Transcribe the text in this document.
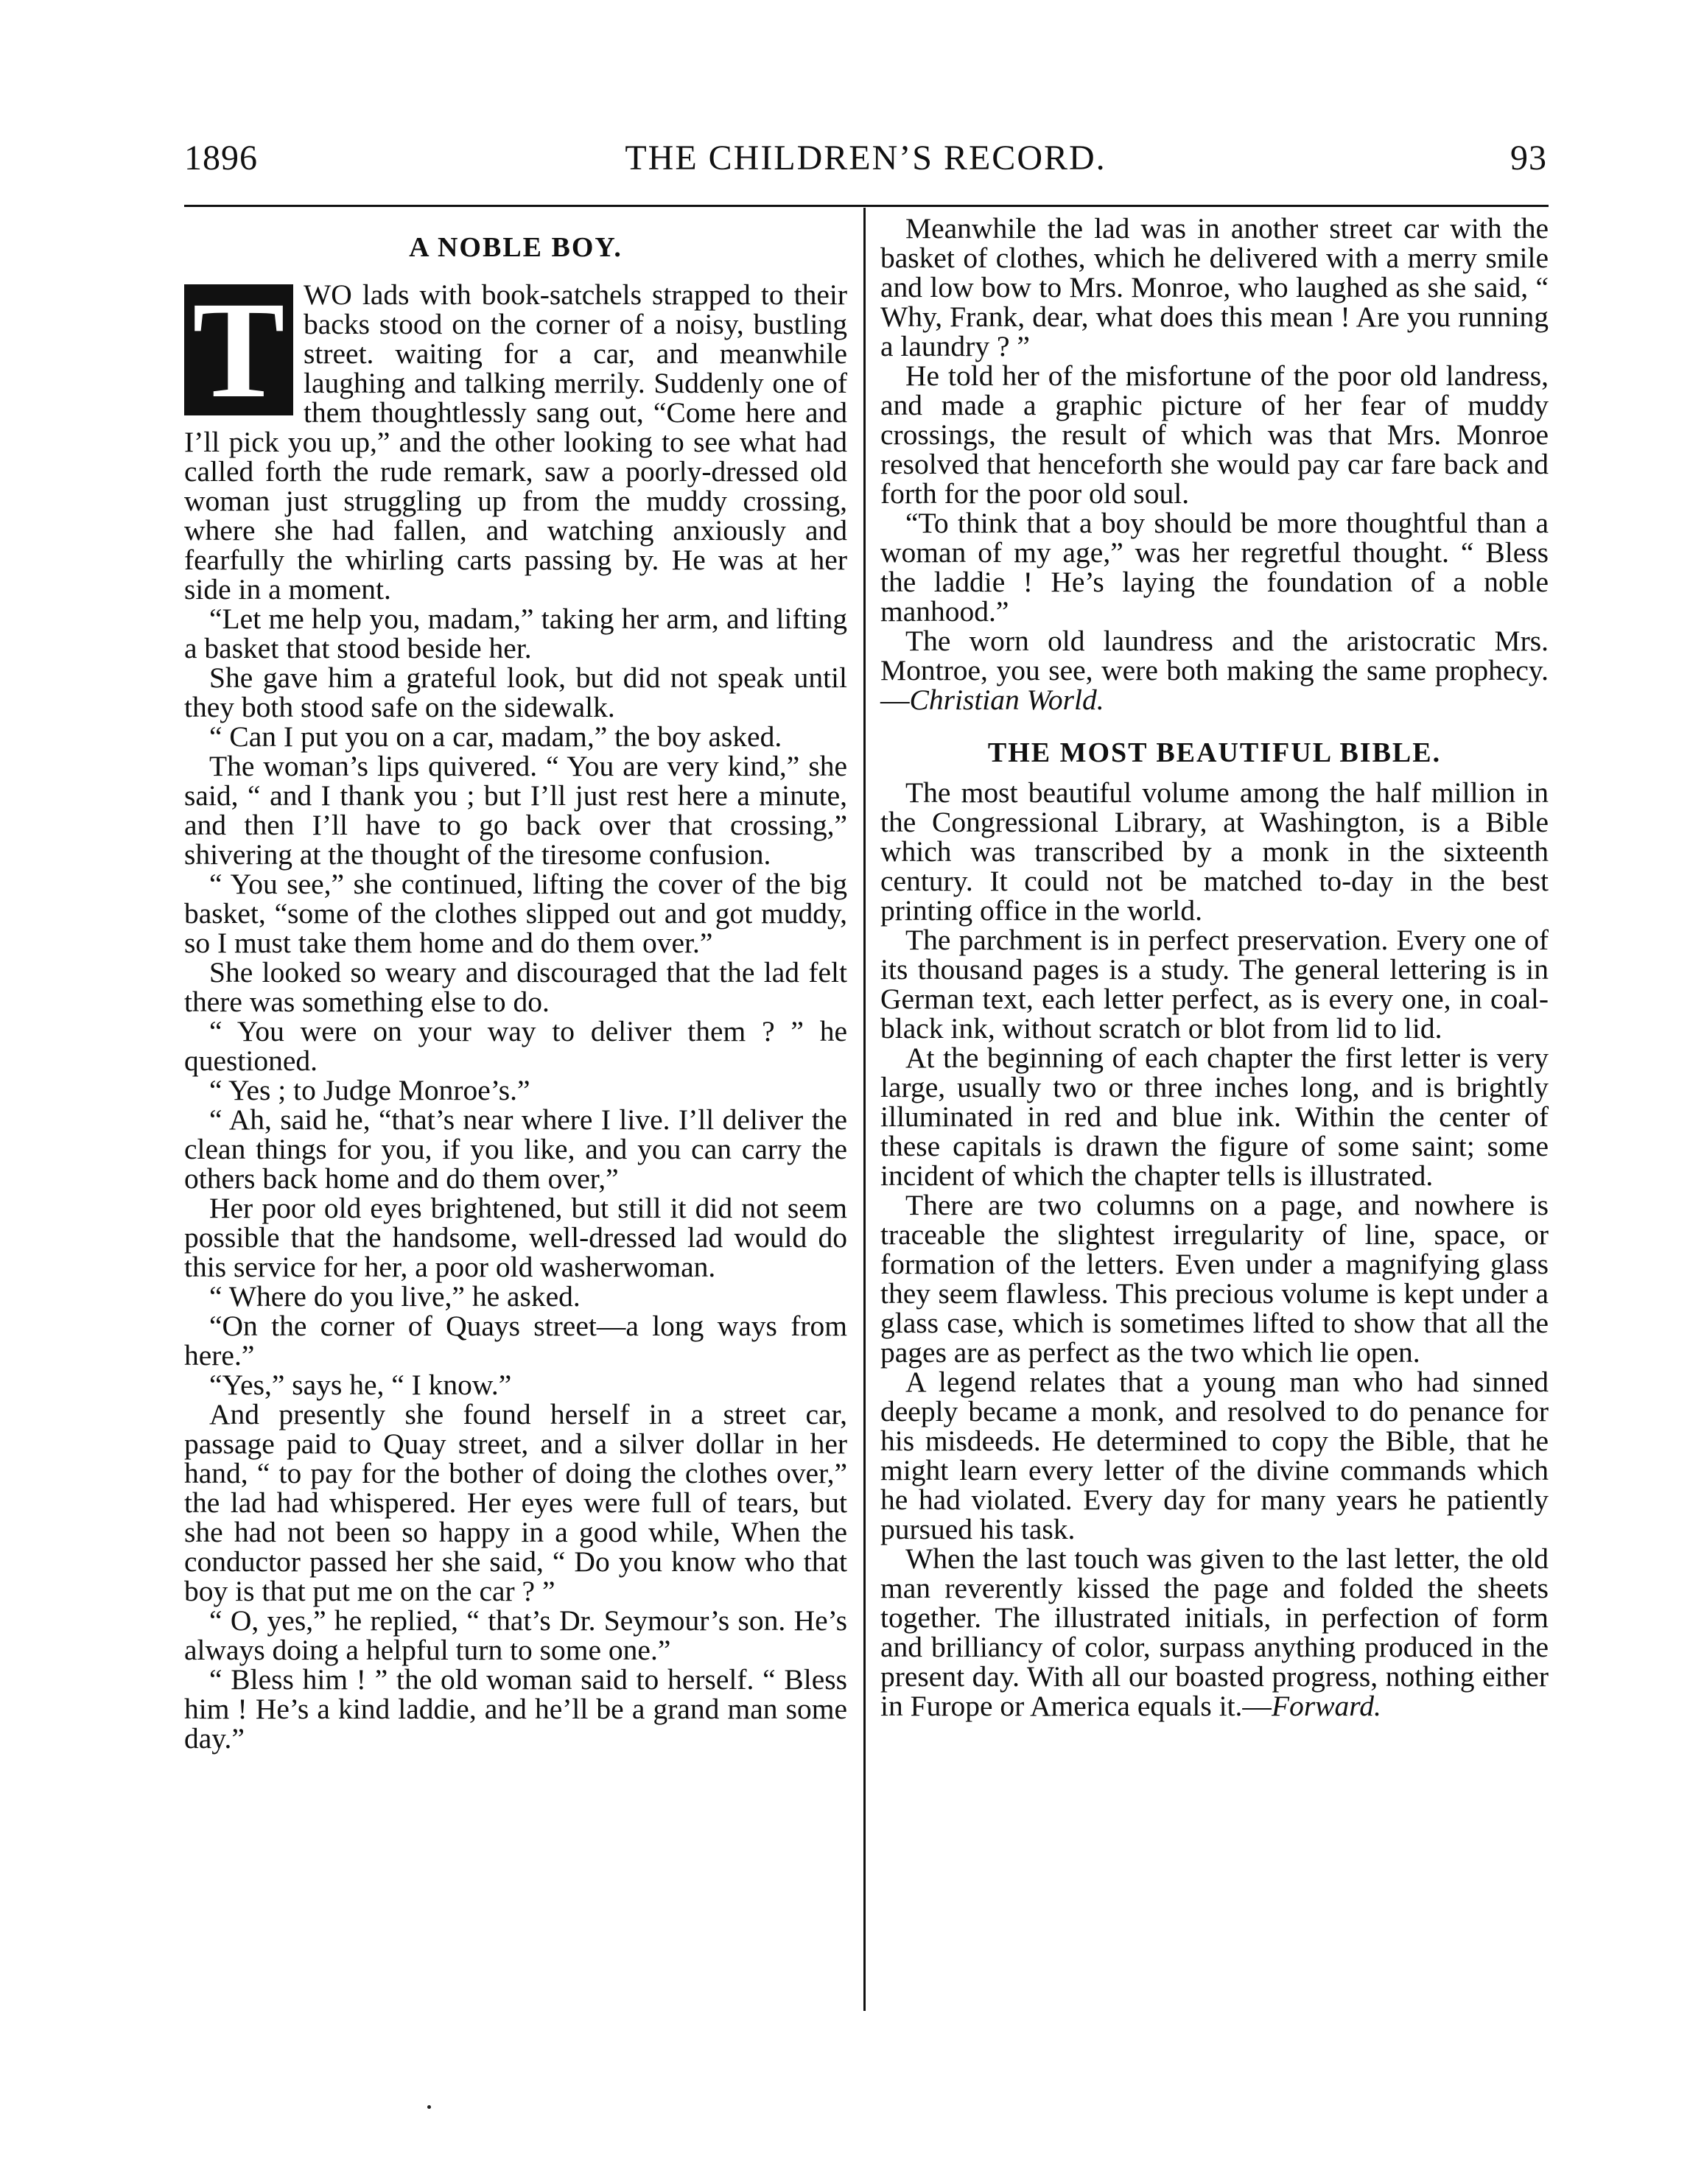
1896	THE CHILDREN’S RECORD.	93
A NOBLE BOY.

T WO lads with book-satchels strapped to their backs stood on the corner of a noisy, bustling street. waiting for a car, and meanwhile laughing and talking merrily. Suddenly one of them thoughtlessly sang out, “Come here and I’ll pick you up,” and the other looking to see what had called forth the rude remark, saw a poorly-dressed old woman just struggling up from the muddy crossing, where she had fallen, and watching anxiously and fearfully the whirling carts passing by. He was at her side in a moment.

“Let me help you, madam,” taking her arm, and lifting a basket that stood beside her.

She gave him a grateful look, but did not speak until they both stood safe on the sidewalk.

“ Can I put you on a car, madam,” the boy asked.

The woman’s lips quivered. “ You are very kind,” she said, “ and I thank you ; but I’ll just rest here a minute, and then I’ll have to go back over that crossing,” shivering at the thought of the tiresome confusion.

“ You see,” she continued, lifting the cover of the big basket, “some of the clothes slipped out and got muddy, so I must take them home and do them over.”

She looked so weary and discouraged that the lad felt there was something else to do.

“ You were on your way to deliver them ? ” he questioned.

“ Yes ; to Judge Monroe’s.”

“ Ah, said he, “that’s near where I live. I’ll deliver the clean things for you, if you like, and you can carry the others back home and do them over,”

Her poor old eyes brightened, but still it did not seem possible that the handsome, well-dressed lad would do this service for her, a poor old washerwoman.

“ Where do you live,” he asked.

“On the corner of Quays street—a long ways from here.”

“Yes,” says he, “ I know.”

And presently she found herself in a street car, passage paid to Quay street, and a silver dollar in her hand, “ to pay for the bother of doing the clothes over,” the lad had whispered. Her eyes were full of tears, but she had not been so happy in a good while, When the conductor passed her she said, “ Do you know who that boy is that put me on the car ? ”

“ O, yes,” he replied, “ that’s Dr. Seymour’s son. He’s always doing a helpful turn to some one.”

“ Bless him ! ” the old woman said to herself. “ Bless him ! He’s a kind laddie, and he’ll be a grand man some day.”

Meanwhile the lad was in another street car with the basket of clothes, which he delivered with a merry smile and low bow to Mrs. Monroe, who laughed as she said, “ Why, Frank, dear, what does this mean ! Are you running a laundry ? ”

He told her of the misfortune of the poor old landress, and made a graphic picture of her fear of muddy crossings, the result of which was that Mrs. Monroe resolved that henceforth she would pay car fare back and forth for the poor old soul.

“To think that a boy should be more thoughtful than a woman of my age,” was her regretful thought. “ Bless the laddie ! He’s laying the foundation of a noble manhood.”

The worn old laundress and the aristocratic Mrs. Montroe, you see, were both making the same prophecy.—Christian World.

THE MOST BEAUTIFUL BIBLE.

The most beautiful volume among the half million in the Congressional Library, at Washington, is a Bible which was transcribed by a monk in the sixteenth century. It could not be matched to-day in the best printing office in the world.

The parchment is in perfect preservation. Every one of its thousand pages is a study. The general lettering is in German text, each letter perfect, as is every one, in coal-black ink, without scratch or blot from lid to lid.

At the beginning of each chapter the first letter is very large, usually two or three inches long, and is brightly illuminated in red and blue ink. Within the center of these capitals is drawn the figure of some saint; some incident of which the chapter tells is illustrated.

There are two columns on a page, and nowhere is traceable the slightest irregularity of line, space, or formation of the letters. Even under a magnifying glass they seem flawless. This precious volume is kept under a glass case, which is sometimes lifted to show that all the pages are as perfect as the two which lie open.

A legend relates that a young man who had sinned deeply became a monk, and resolved to do penance for his misdeeds. He determined to copy the Bible, that he might learn every letter of the divine commands which he had violated. Every day for many years he patiently pursued his task.

When the last touch was given to the last letter, the old man reverently kissed the page and folded the sheets together. The illustrated initials, in perfection of form and brilliancy of color, surpass anything produced in the present day. With all our boasted progress, nothing either in Furope or America equals it.—Forward.
